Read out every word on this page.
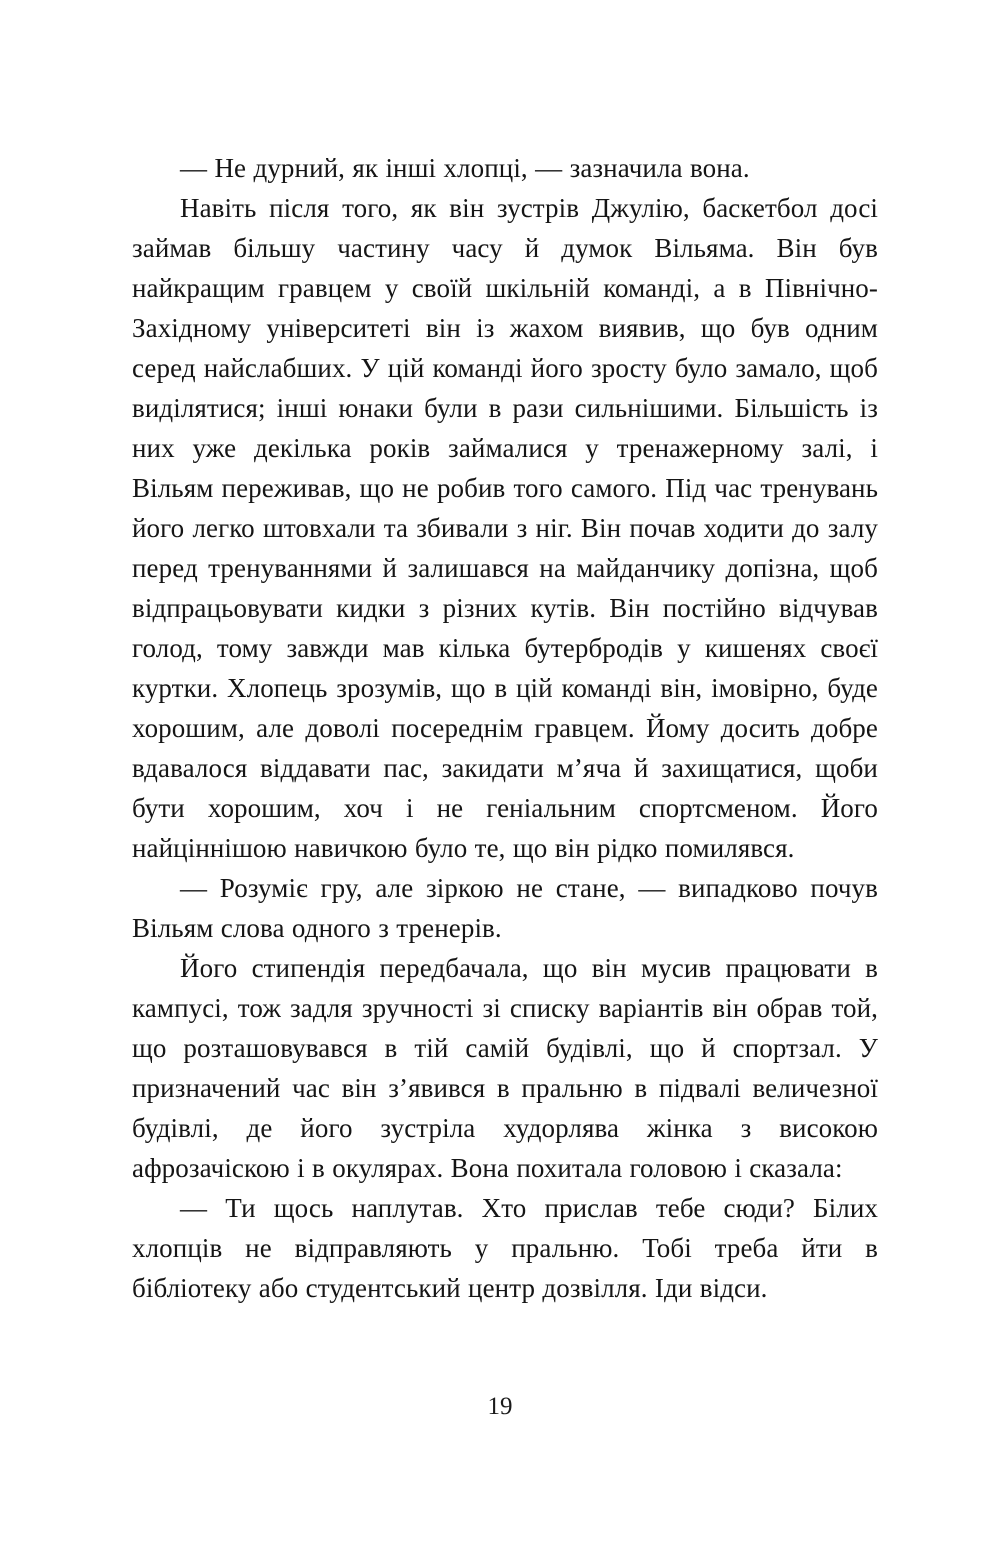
— Не дурний, як інші хлопці, — зазначила вона.

Навіть після того, як він зустрів Джулію, баскетбол досі займав більшу частину часу й думок Вільяма. Він був найкращим гравцем у своїй шкільній команді, а в Північно-Західному університеті він із жахом виявив, що був одним серед найслабших. У цій команді його зросту було замало, щоб виділятися; інші юнаки були в рази сильнішими. Більшість із них уже декілька років займалися у тренажерному залі, і Вільям переживав, що не робив того самого. Під час тренувань його легко штовхали та збивали з ніг. Він почав ходити до залу перед тренуваннями й залишався на майданчику допізна, щоб відпрацьовувати кидки з різних кутів. Він постійно відчував голод, тому завжди мав кілька бутербродів у кишенях своєї куртки. Хлопець зрозумів, що в цій команді він, імовірно, буде хорошим, але доволі посереднім гравцем. Йому досить добре вдавалося віддавати пас, закидати м’яча й захищатися, щоби бути хорошим, хоч і не геніальним спортсменом. Його найціннішою навичкою було те, що він рідко помилявся.

— Розуміє гру, але зіркою не стане, — випадково почув Вільям слова одного з тренерів.

Його стипендія передбачала, що він мусив працювати в кампусі, тож задля зручності зі списку варіантів він обрав той, що розташовувався в тій самій будівлі, що й спортзал. У призначений час він з’явився в пральню в підвалі величезної будівлі, де його зустріла худорлява жінка з високою афрозачіскою і в окулярах. Вона похитала головою і сказала:

— Ти щось наплутав. Хто прислав тебе сюди? Білих хлопців не відправляють у пральню. Тобі треба йти в бібліотеку або студентський центр дозвілля. Іди відси.

19
